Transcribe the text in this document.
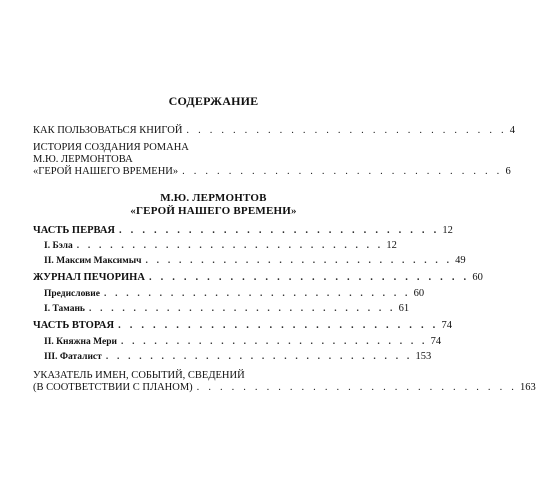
СОДЕРЖАНИЕ
КАК ПОЛЬЗОВАТЬСЯ КНИГОЙ . . . . . . . . . . . . . . . . . . . . . . . . . . . . 4
ИСТОРИЯ СОЗДАНИЯ РОМАНА
М.Ю. ЛЕРМОНТОВА
«ГЕРОЙ НАШЕГО ВРЕМЕНИ» . . . . . . . . . . . . . . . . . . . . . . . . . . . . 6
М.Ю. ЛЕРМОНТОВ
«ГЕРОЙ НАШЕГО ВРЕМЕНИ»
ЧАСТЬ ПЕРВАЯ . . . . . . . . . . . . . . . . . . . . . . . . . . . . 12
I. Бэла . . . . . . . . . . . . . . . . . . . . . . . . . . . . 12
II. Максим Максимыч . . . . . . . . . . . . . . . . . . . . . . . . . . . . 49
ЖУРНАЛ ПЕЧОРИНА . . . . . . . . . . . . . . . . . . . . . . . . . . . . 60
Предисловие . . . . . . . . . . . . . . . . . . . . . . . . . . . . 60
I. Тамань . . . . . . . . . . . . . . . . . . . . . . . . . . . . 61
ЧАСТЬ ВТОРАЯ . . . . . . . . . . . . . . . . . . . . . . . . . . . . 74
II. Княжна Мери . . . . . . . . . . . . . . . . . . . . . . . . . . . . 74
III. Фаталист . . . . . . . . . . . . . . . . . . . . . . . . . . . . 153
УКАЗАТЕЛЬ ИМЕН, СОБЫТИЙ, СВЕДЕНИЙ
(В СООТВЕТСТВИИ С ПЛАНОМ) . . . . . . . . . . . . . . . . . . . . . . . . . . . . 163
